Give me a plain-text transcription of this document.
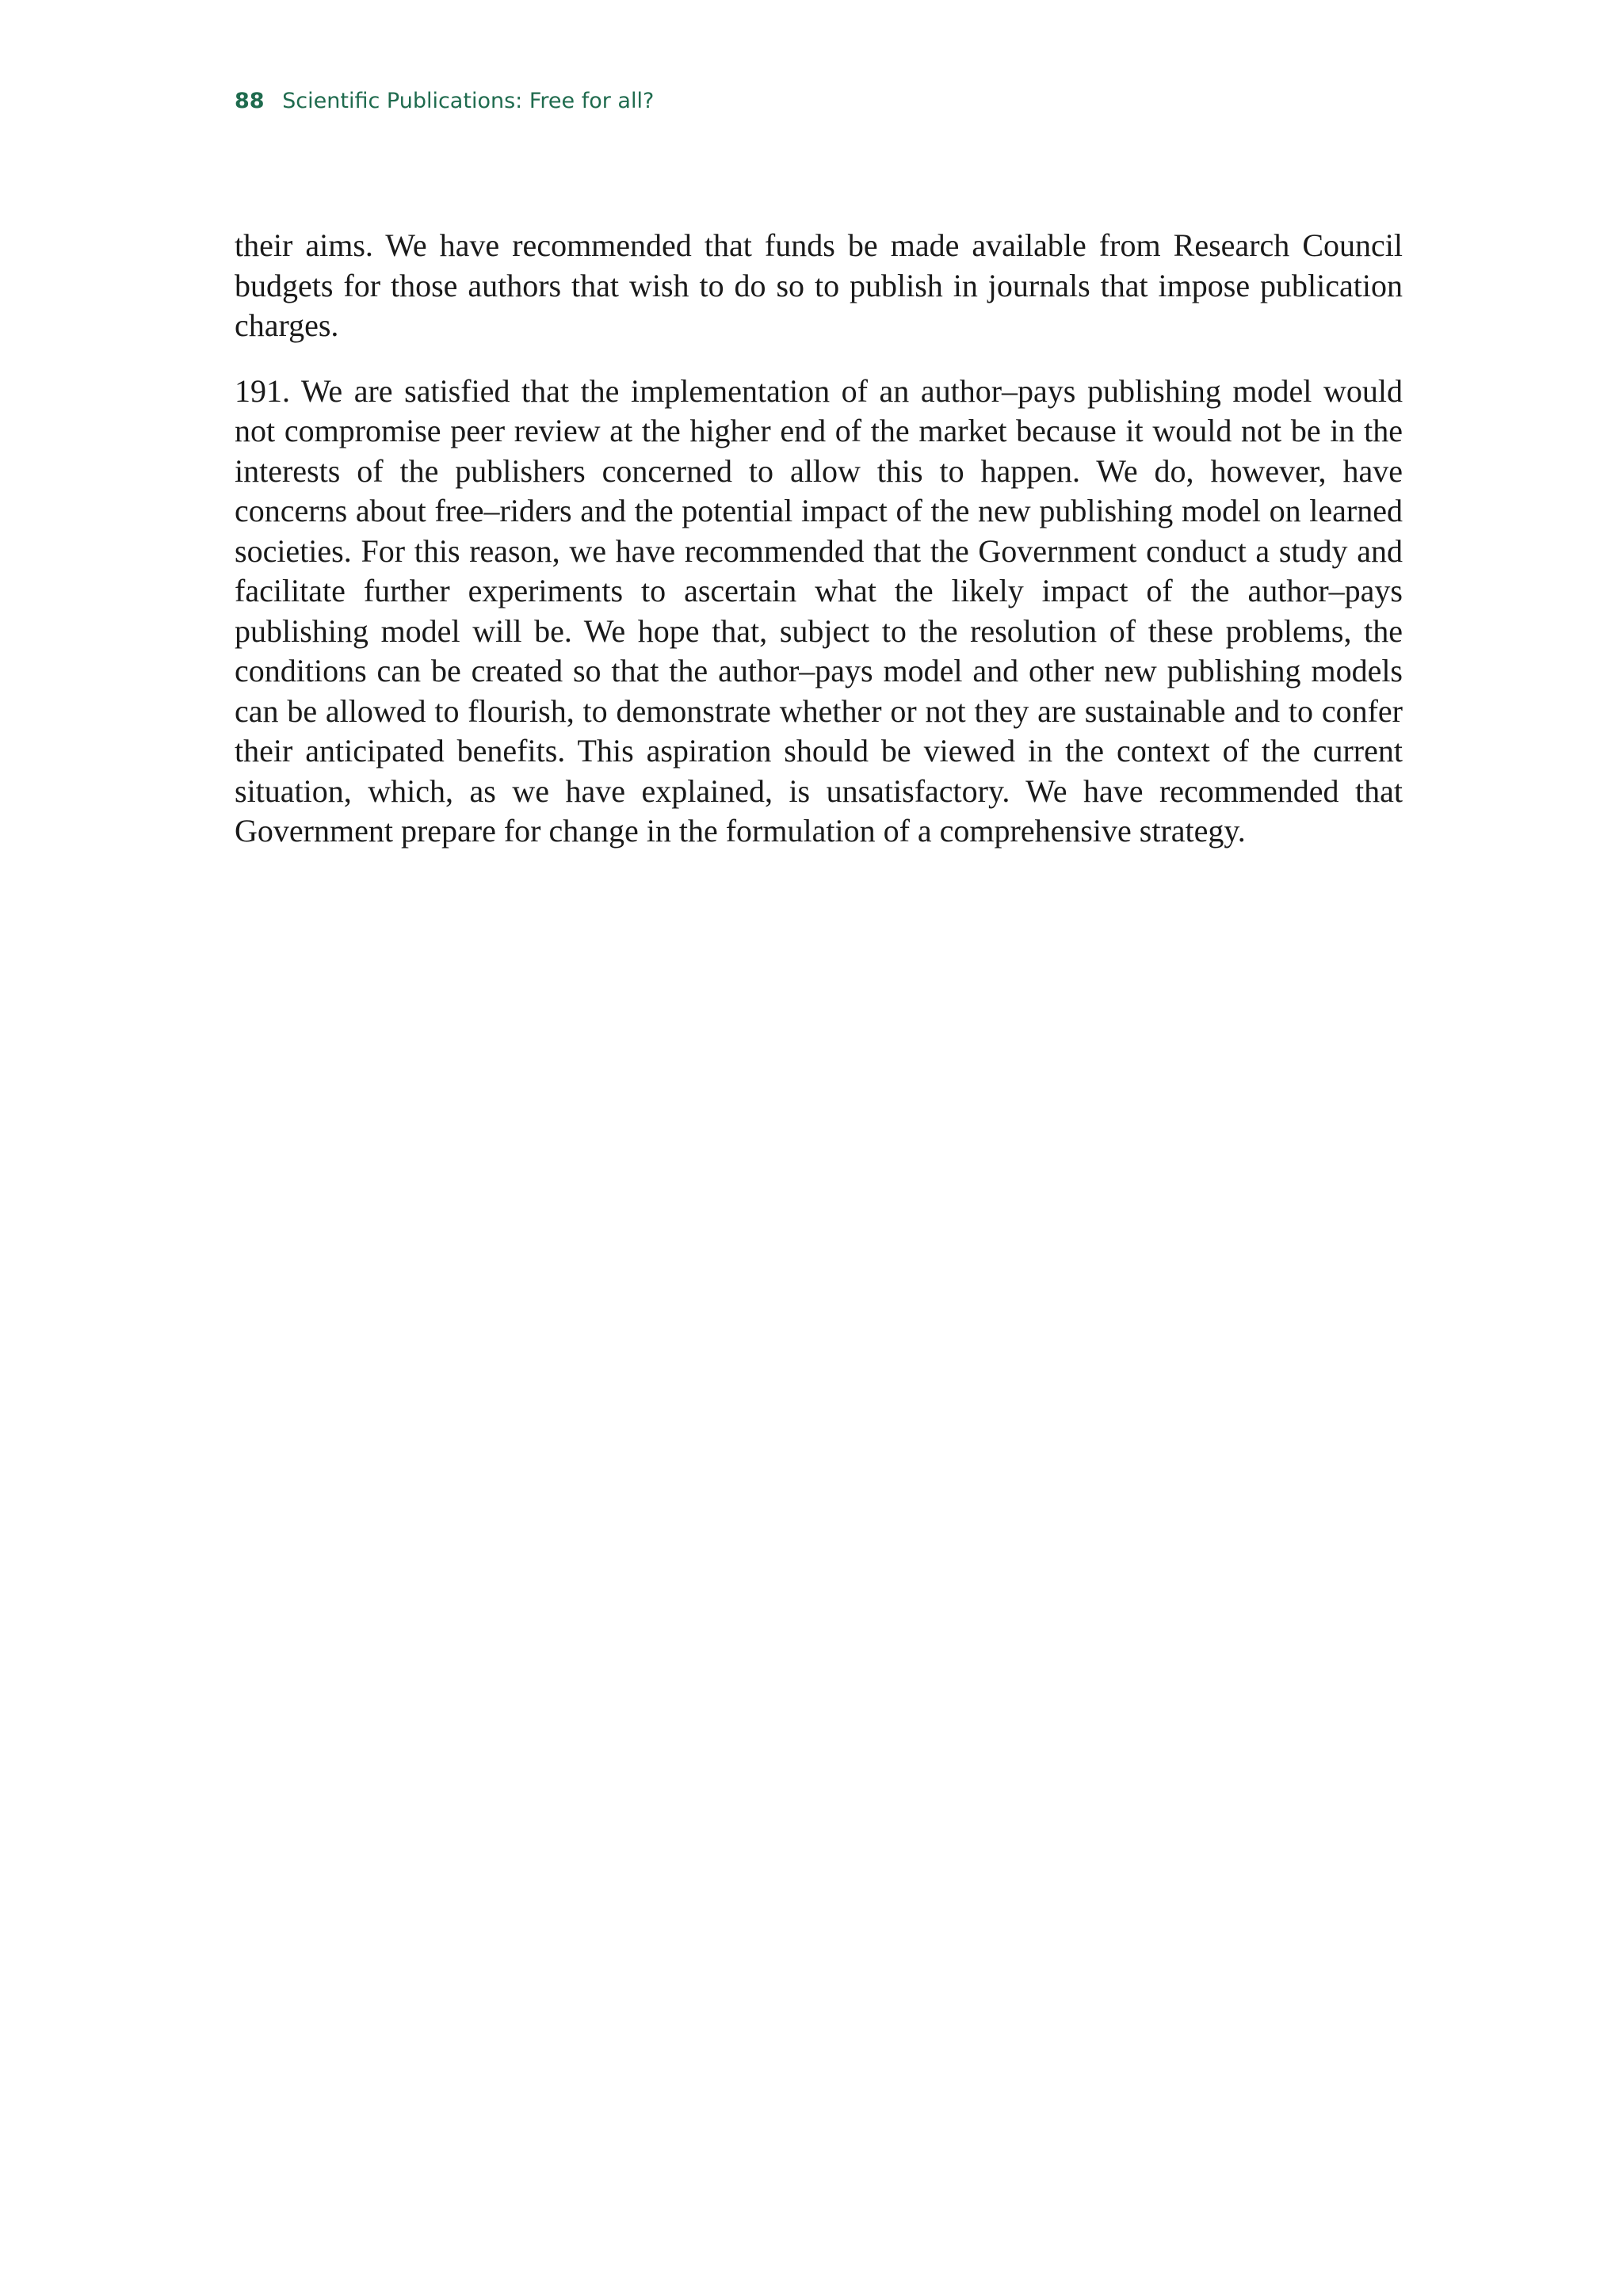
88 Scientific Publications: Free for all?

their aims. We have recommended that funds be made available from Research Council budgets for those authors that wish to do so to publish in journals that impose publication charges.

191. We are satisfied that the implementation of an author–pays publishing model would not compromise peer review at the higher end of the market because it would not be in the interests of the publishers concerned to allow this to happen. We do, however, have concerns about free–riders and the potential impact of the new publishing model on learned societies. For this reason, we have recommended that the Government conduct a study and facilitate further experiments to ascertain what the likely impact of the author–pays publishing model will be. We hope that, subject to the resolution of these problems, the conditions can be created so that the author–pays model and other new publishing models can be allowed to flourish, to demonstrate whether or not they are sustainable and to confer their anticipated benefits. This aspiration should be viewed in the context of the current situation, which, as we have explained, is unsatisfactory. We have recommended that Government prepare for change in the formulation of a comprehensive strategy.
